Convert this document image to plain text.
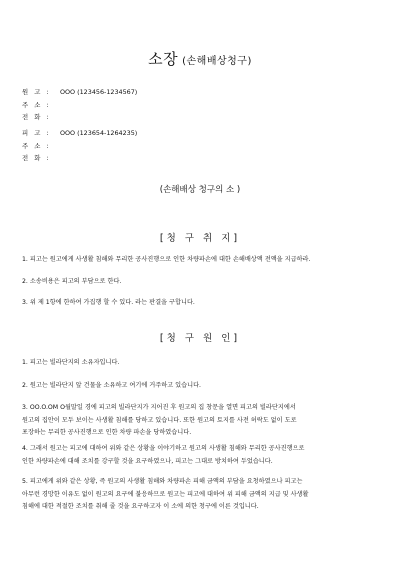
소장 (손해배상청구)
원 고 :	OOO (123456-1234567)
주 소 :
전 화 :
피 고 :	OOO (123654-1264235)
주 소 :
전 화 :
(손해배상 청구의 소 )
[청 구 취 지]
1. 피고는 원고에게 사생활 침해와 무리한 공사진행으로 인한 차량파손에 대한 손해배상액 전액을 지급하라.
2. 소송비용은 피고의 부담으로 한다.
3. 위 제 1항에 한하여 가집행 할 수 있다. 라는 판결을 구합니다.
[청 구 원 인]
1. 피고는 빌라단지의 소유자입니다.
2. 원고는 빌라단지 앞 건물을 소유하고 여기에 거주하고 있습니다.
3. OO.O.OM O월말일 경에 피고의 빌라단지가 지어진 후 원고의 집 창문을 열면 피고의 빌라단지에서
원고의 집안이 모두 보이는 사생활 침해를 당하고 있습니다. 또한 원고의 토지를 사전 허락도 없이 도로
포장하는 무리한 공사진행으로 인한 차량 파손을 당하였습니다.
4. 그래서 원고는 피고에 대하여 위와 같은 상황을 이야기하고 원고의 사생활 침해와 무리한 공사진행으로
인한 차량파손에 대해 조치를 강구할 것을 요구하였으나, 피고는 그대로 방치하여 두었습니다.
5. 피고에게 위와 같은 상황, 즉 원고의 사생활 침해와 차량파손 피해 금액의 부담을 요청하였으나 피고는
아무런 경망한 이유도 없이 원고의 요구에 불응하므로 원고는 피고에 대하여 위 피해 금액의 지급 및 사생활
침해에 대한 적절한 조치를 취해 줄 것을 요구하고자 이 소에 의한 청구에 이른 것입니다.
